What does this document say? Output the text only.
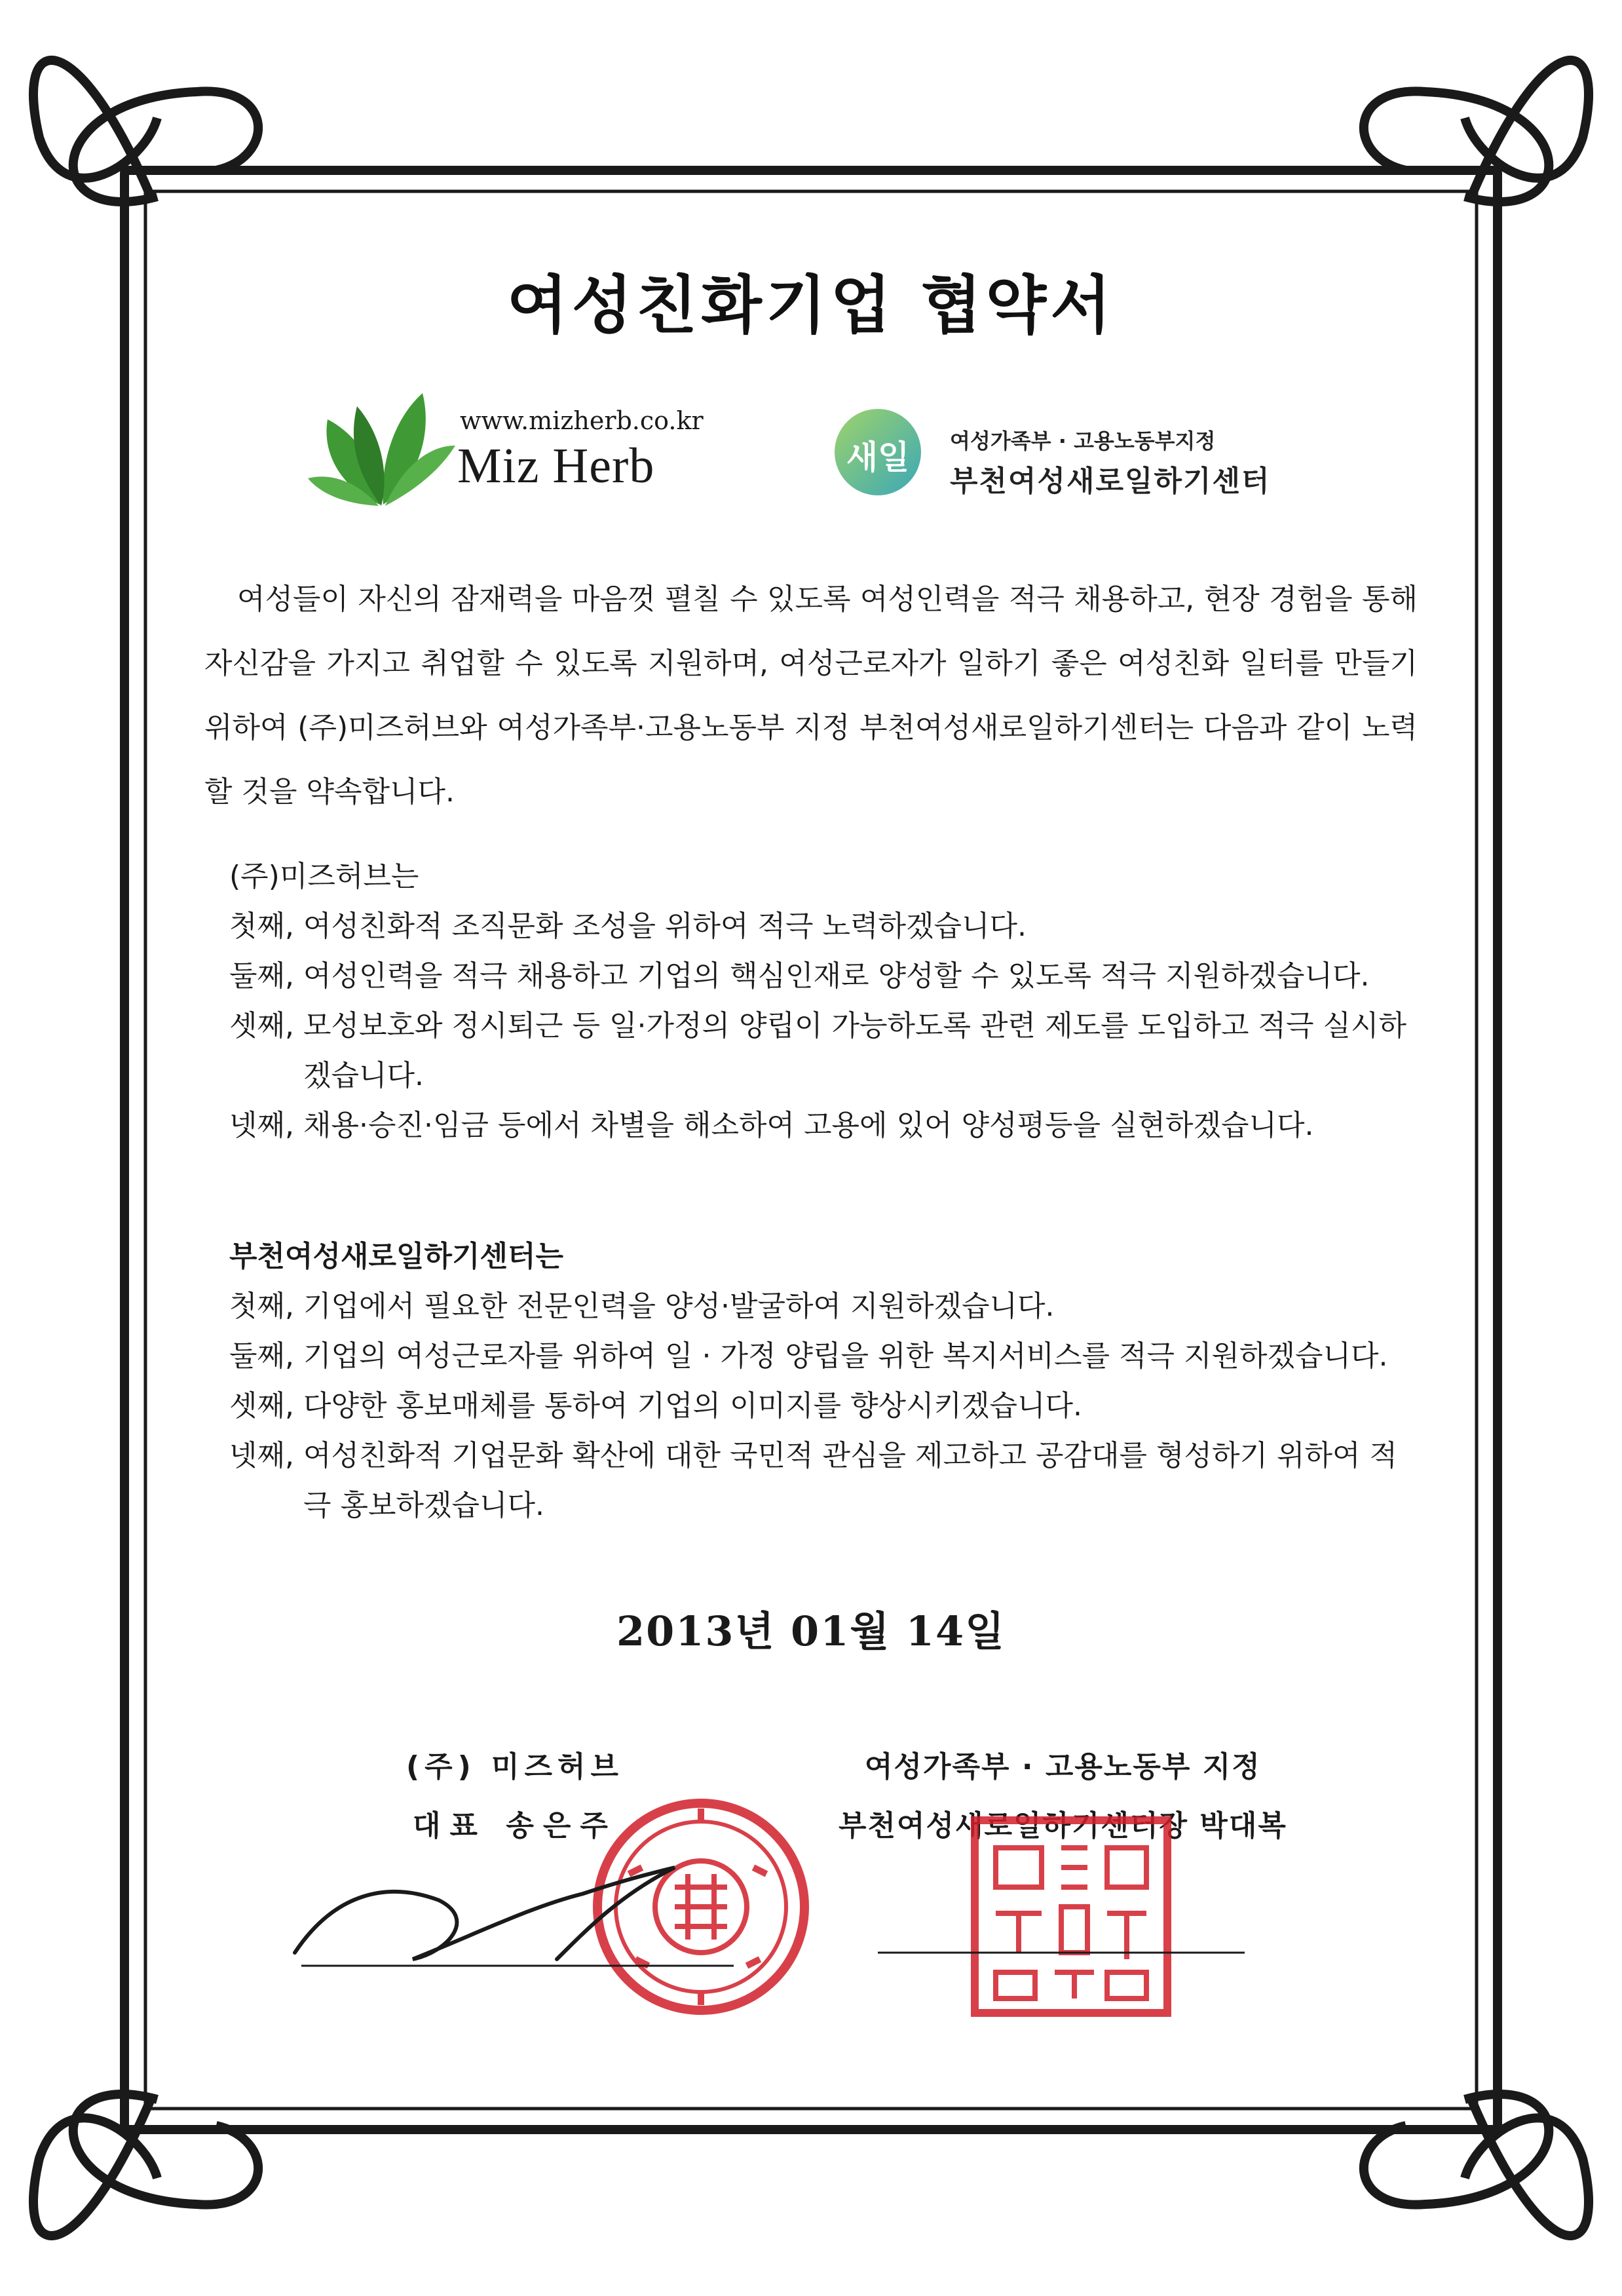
여성친화기업 협약서
www.mizherb.co.kr
Miz Herb	새일	여성가족부 · 고용노동부지정
부천여성새로일하기센터
여성들이 자신의 잠재력을 마음껏 펼칠 수 있도록 여성인력을 적극 채용하고, 현장 경험을 통해 자신감을 가지고 취업할 수 있도록 지원하며, 여성근로자가 일하기 좋은 여성친화 일터를 만들기 위하여 (주)미즈허브와 여성가족부·고용노동부 지정 부천여성새로일하기센터는 다음과 같이 노력할 것을 약속합니다.
(주)미즈허브는
첫째,
여성친화적 조직문화 조성을 위하여 적극 노력하겠습니다.
둘째,
여성인력을 적극 채용하고 기업의 핵심인재로 양성할 수 있도록 적극 지원하겠습니다.
셋째,
모성보호와 정시퇴근 등 일·가정의 양립이 가능하도록 관련 제도를 도입하고 적극 실시하겠습니다.
넷째,
채용·승진·임금 등에서 차별을 해소하여 고용에 있어 양성평등을 실현하겠습니다.
부천여성새로일하기센터는
첫째,
기업에서 필요한 전문인력을 양성·발굴하여 지원하겠습니다.
둘째,
기업의 여성근로자를 위하여 일 · 가정 양립을 위한 복지서비스를 적극 지원하겠습니다.
셋째,
다양한 홍보매체를 통하여 기업의 이미지를 향상시키겠습니다.
넷째,
여성친화적 기업문화 확산에 대한 국민적 관심을 제고하고 공감대를 형성하기 위하여 적극 홍보하겠습니다.
2013년 01월 14일
(주) 미즈허브
대표 송은주
여성가족부 · 고용노동부 지정
부천여성새로일하기센터장 박대복
